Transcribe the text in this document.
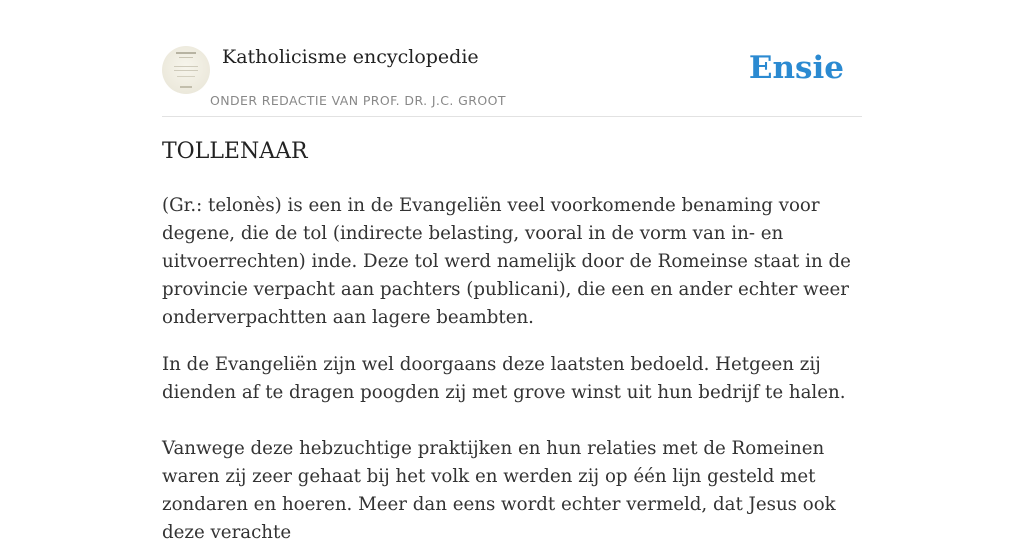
Katholicisme encyclopedie
ONDER REDACTIE VAN PROF. DR. J.C. GROOT
Ensie
TOLLENAAR

(Gr.: telonès) is een in de Evangeliën veel voorkomende benaming voor degene, die de tol (indirecte belasting, vooral in de vorm van in- en uitvoerrechten) inde. Deze tol werd namelijk door de Romeinse staat in de provincie verpacht aan pachters (publicani), die een en ander echter weer onderverpachtten aan lagere beambten.

In de Evangeliën zijn wel doorgaans deze laatsten bedoeld. Hetgeen zij dienden af te dragen poogden zij met grove winst uit hun bedrijf te halen.

Vanwege deze hebzuchtige praktijken en hun relaties met de Romeinen waren zij zeer gehaat bij het volk en werden zij op één lijn gesteld met zondaren en hoeren. Meer dan eens wordt echter vermeld, dat Jesus ook deze verachte
